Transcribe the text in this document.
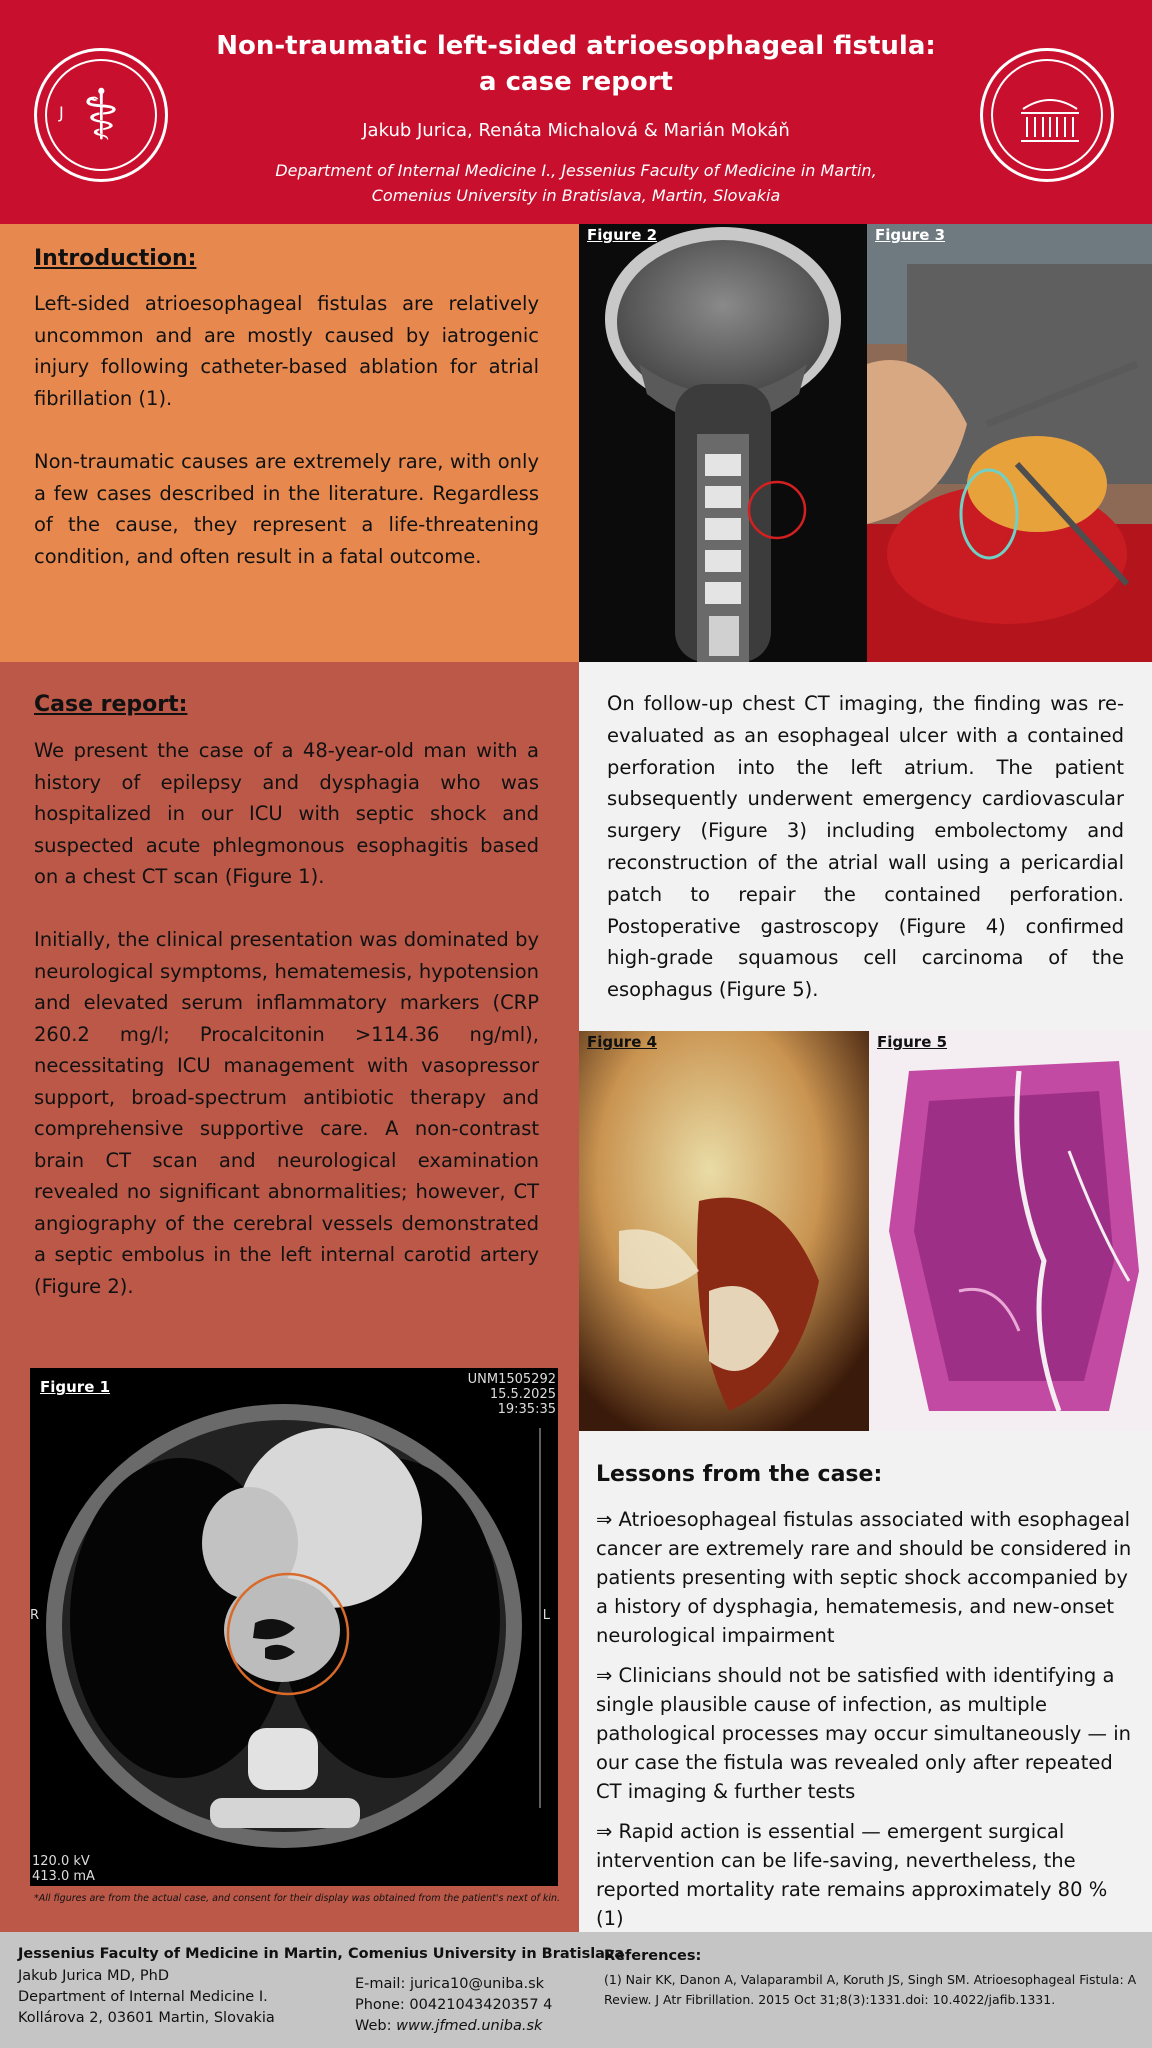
⚕
J
Non-traumatic left-sided atrioesophageal fistula:
a case report
Jakub Jurica, Renáta Michalová & Marián Mokáň
Department of Internal Medicine I., Jessenius Faculty of Medicine in Martin,
Comenius University in Bratislava, Martin, Slovakia
Introduction:
Left-sided atrioesophageal fistulas are relatively uncommon and are mostly caused by iatrogenic injury following catheter-based ablation for atrial fibrillation (1).
Non-traumatic causes are extremely rare, with only a few cases described in the literature. Regardless of the cause, they represent a life-threatening condition, and often result in a fatal outcome.
Figure 2	Figure 3
Case report:
We present the case of a 48-year-old man with a history of epilepsy and dysphagia who was hospitalized in our ICU with septic shock and suspected acute phlegmonous esophagitis based on a chest CT scan (Figure 1).
Initially, the clinical presentation was dominated by neurological symptoms, hematemesis, hypotension and elevated serum inflammatory markers (CRP 260.2 mg/l; Procalcitonin >114.36 ng/ml), necessitating ICU management with vasopressor support, broad-spectrum antibiotic therapy and comprehensive supportive care. A non-contrast brain CT scan and neurological examination revealed no significant abnormalities; however, CT angiography of the cerebral vessels demonstrated a septic embolus in the left internal carotid artery (Figure 2).
Figure 1	UNM1505292
15.5.2025
19:35:35
120.0 kV
413.0 mA
R	L
*All figures are from the actual case, and consent for their display was obtained from the patient's next of kin.
On follow-up chest CT imaging, the finding was re-evaluated as an esophageal ulcer with a contained perforation into the left atrium. The patient subsequently underwent emergency cardiovascular surgery (Figure 3) including embolectomy and reconstruction of the atrial wall using a pericardial patch to repair the contained perforation. Postoperative gastroscopy (Figure 4) confirmed high-grade squamous cell carcinoma of the esophagus (Figure 5).
Figure 4	Figure 5
Lessons from the case:
⇒ Atrioesophageal fistulas associated with esophageal cancer are extremely rare and should be considered in patients presenting with septic shock accompanied by a history of dysphagia, hematemesis, and new-onset neurological impairment
⇒ Clinicians should not be satisfied with identifying a single plausible cause of infection, as multiple pathological processes may occur simultaneously — in our case the fistula was revealed only after repeated CT imaging & further tests
⇒ Rapid action is essential — emergent surgical intervention can be life-saving, nevertheless, the reported mortality rate remains approximately 80 % (1)
Jessenius Faculty of Medicine in Martin, Comenius University in Bratislava
Jakub Jurica MD, PhD
Department of Internal Medicine I.
Kollárova 2, 03601 Martin, Slovakia
E-mail: jurica10@uniba.sk
Phone: 00421043420357 4
Web: www.jfmed.uniba.sk
References:
(1) Nair KK, Danon A, Valaparambil A, Koruth JS, Singh SM. Atrioesophageal Fistula: A Review. J Atr Fibrillation. 2015 Oct 31;8(3):1331.doi: 10.4022/jafib.1331.
